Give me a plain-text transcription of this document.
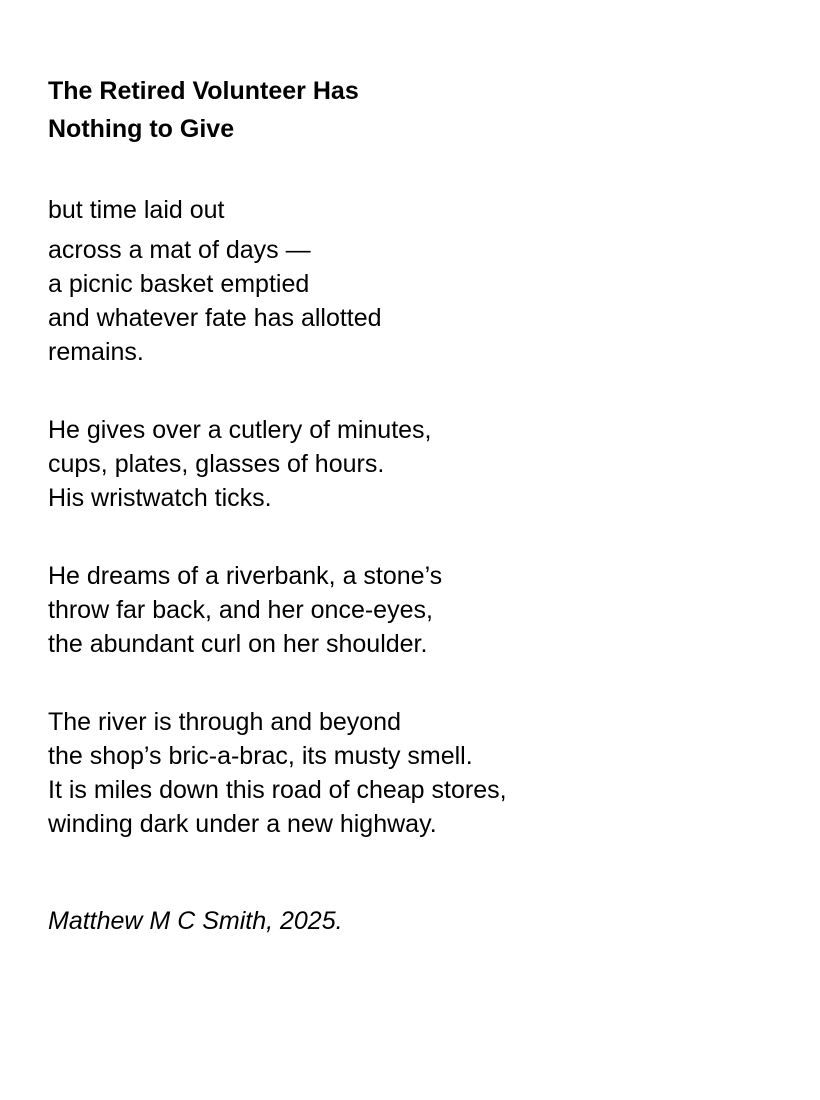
The Retired Volunteer Has
Nothing to Give
but time laid out
across a mat of days —
a picnic basket emptied
and whatever fate has allotted
remains.
He gives over a cutlery of minutes,
cups, plates, glasses of hours.
His wristwatch ticks.
He dreams of a riverbank, a stone’s
throw far back, and her once-eyes,
the abundant curl on her shoulder.
The river is through and beyond
the shop’s bric-a-brac, its musty smell.
It is miles down this road of cheap stores,
winding dark under a new highway.
Matthew M C Smith, 2025.
